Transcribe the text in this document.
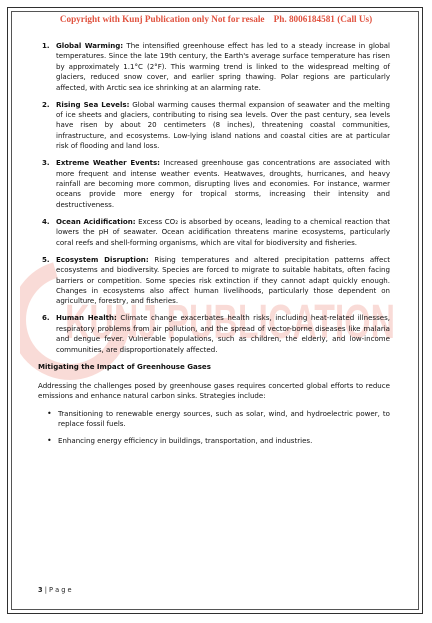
Copyright with Kunj Publication only Not for resale Ph. 8006184581 (Call Us)
KUNJ PUBLICATION
1. Global Warming: The intensified greenhouse effect has led to a steady increase in global temperatures. Since the late 19th century, the Earth's average surface temperature has risen by approximately 1.1°C (2°F). This warming trend is linked to the widespread melting of glaciers, reduced snow cover, and earlier spring thawing. Polar regions are particularly affected, with Arctic sea ice shrinking at an alarming rate.
2. Rising Sea Levels: Global warming causes thermal expansion of seawater and the melting of ice sheets and glaciers, contributing to rising sea levels. Over the past century, sea levels have risen by about 20 centimeters (8 inches), threatening coastal communities, infrastructure, and ecosystems. Low-lying island nations and coastal cities are at particular risk of flooding and land loss.
3. Extreme Weather Events: Increased greenhouse gas concentrations are associated with more frequent and intense weather events. Heatwaves, droughts, hurricanes, and heavy rainfall are becoming more common, disrupting lives and economies. For instance, warmer oceans provide more energy for tropical storms, increasing their intensity and destructiveness.
4. Ocean Acidification: Excess CO₂ is absorbed by oceans, leading to a chemical reaction that lowers the pH of seawater. Ocean acidification threatens marine ecosystems, particularly coral reefs and shell-forming organisms, which are vital for biodiversity and fisheries.
5. Ecosystem Disruption: Rising temperatures and altered precipitation patterns affect ecosystems and biodiversity. Species are forced to migrate to suitable habitats, often facing barriers or competition. Some species risk extinction if they cannot adapt quickly enough. Changes in ecosystems also affect human livelihoods, particularly those dependent on agriculture, forestry, and fisheries.
6. Human Health: Climate change exacerbates health risks, including heat-related illnesses, respiratory problems from air pollution, and the spread of vector-borne diseases like malaria and dengue fever. Vulnerable populations, such as children, the elderly, and low-income communities, are disproportionately affected.
Mitigating the Impact of Greenhouse Gases

Addressing the challenges posed by greenhouse gases requires concerted global efforts to reduce emissions and enhance natural carbon sinks. Strategies include:

• Transitioning to renewable energy sources, such as solar, wind, and hydroelectric power, to replace fossil fuels.
• Enhancing energy efficiency in buildings, transportation, and industries.
3 | P a g e
